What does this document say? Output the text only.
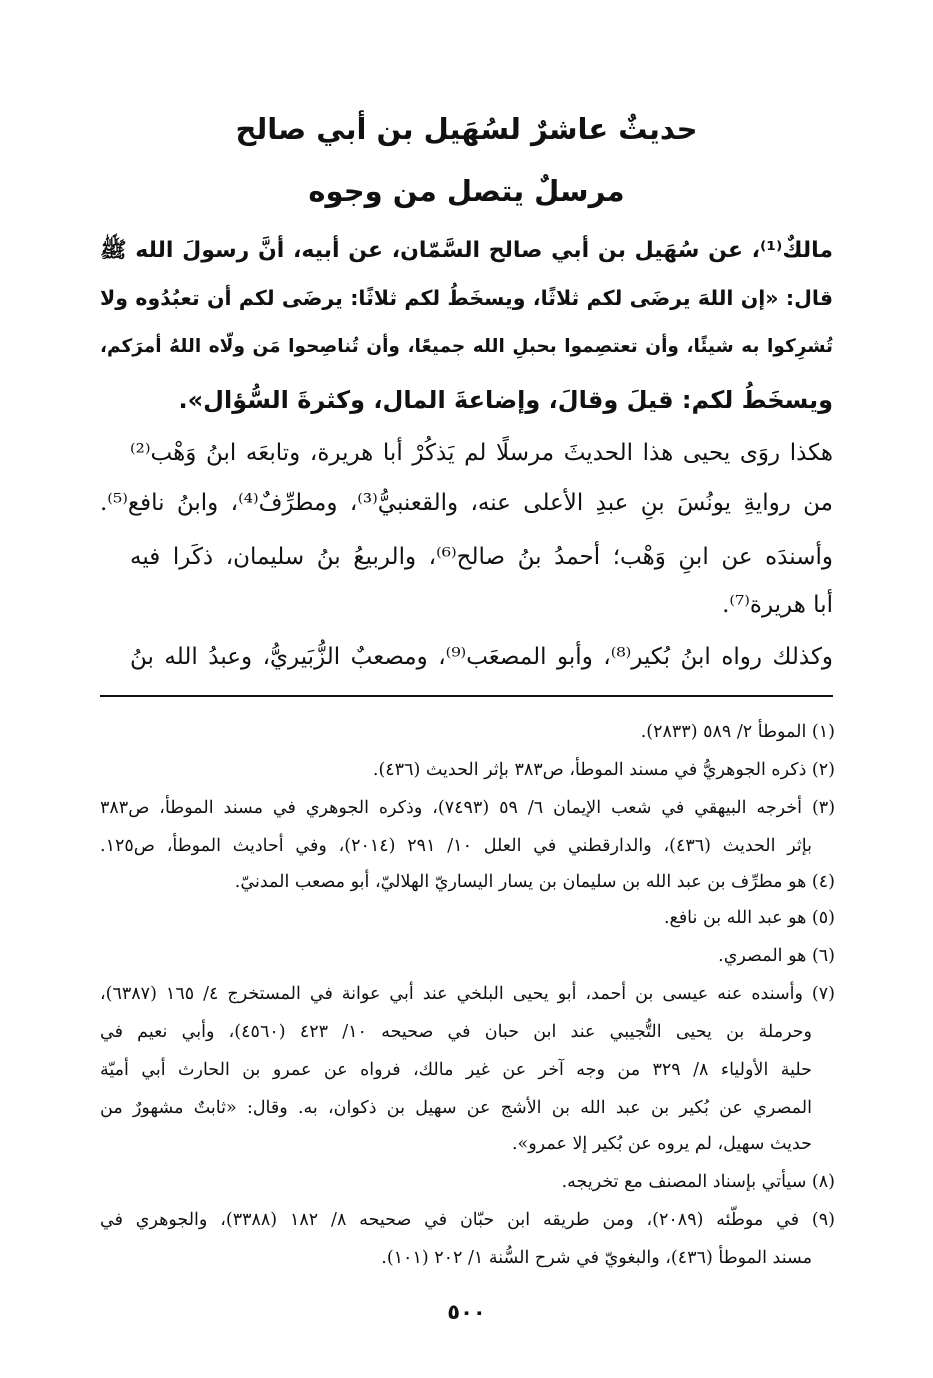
حديثٌ عاشرٌ لسُهَيل بن أبي صالح
مرسلٌ يتصل من وجوه
مالكٌ⁽¹⁾، عن سُهَيل بن أبي صالح السَّمّان، عن أبيه، أنَّ رسولَ الله ﷺ
قال: «إن اللهَ يرضَى لكم ثلاثًا، ويسخَطُ لكم ثلاثًا: يرضَى لكم أن تعبُدُوه ولا
تُشرِكوا به شيئًا، وأن تعتصِموا بحبلِ الله جميعًا، وأن تُناصِحوا مَن ولّاه اللهُ أمرَكم،
ويسخَطُ لكم: قيلَ وقالَ، وإضاعةَ المال، وكثرةَ السُّؤال».
هكذا روَى يحيى هذا الحديثَ مرسلًا لم يَذكُرْ أبا هريرة، وتابعَه ابنُ وَهْب⁽²⁾
من روايةِ يونُسَ بنِ عبدِ الأعلى عنه، والقعنبيُّ⁽³⁾، ومطرِّفٌ⁽⁴⁾، وابنُ نافع⁽⁵⁾.
وأسندَه عن ابنِ وَهْب؛ أحمدُ بنُ صالح⁽⁶⁾، والربيعُ بنُ سليمان، ذكَرا فيه
أبا هريرة⁽⁷⁾.
وكذلك رواه ابنُ بُكير⁽⁸⁾، وأبو المصعَب⁽⁹⁾، ومصعبٌ الزُّبَيريُّ، وعبدُ الله بنُ
(١) الموطأ ٢/ ٥٨٩ (٢٨٣٣).
(٢) ذكره الجوهريُّ في مسند الموطأ، ص٣٨٣ بإثر الحديث (٤٣٦).
(٣) أخرجه البيهقي في شعب الإيمان ٦/ ٥٩ (٧٤٩٣)، وذكره الجوهري في مسند الموطأ، ص٣٨٣
بإثر الحديث (٤٣٦)، والدارقطني في العلل ١٠/ ٢٩١ (٢٠١٤)، وفي أحاديث الموطأ، ص١٢٥.
(٤) هو مطرِّف بن عبد الله بن سليمان بن يسار اليساريّ الهلاليّ، أبو مصعب المدنيّ.
(٥) هو عبد الله بن نافع.
(٦) هو المصري.
(٧) وأسنده عنه عيسى بن أحمد، أبو يحيى البلخي عند أبي عوانة في المستخرج ٤/ ١٦٥ (٦٣٨٧)،
وحرملة بن يحيى التُّجيبي عند ابن حبان في صحيحه ١٠/ ٤٢٣ (٤٥٦٠)، وأبي نعيم في
حلية الأولياء ٨/ ٣٢٩ من وجه آخر عن غير مالك، فرواه عن عمرو بن الحارث أبي أميّة
المصري عن بُكير بن عبد الله بن الأشج عن سهيل بن ذكوان، به. وقال: «ثابتٌ مشهورٌ من
حديث سهيل، لم يروه عن بُكير إلا عمرو».
(٨) سيأتي بإسناد المصنف مع تخريجه.
(٩) في موطّئه (٢٠٨٩)، ومن طريقه ابن حبّان في صحيحه ٨/ ١٨٢ (٣٣٨٨)، والجوهري في
مسند الموطأ (٤٣٦)، والبغويّ في شرح السُّنة ١/ ٢٠٢ (١٠١).
٥٠٠
